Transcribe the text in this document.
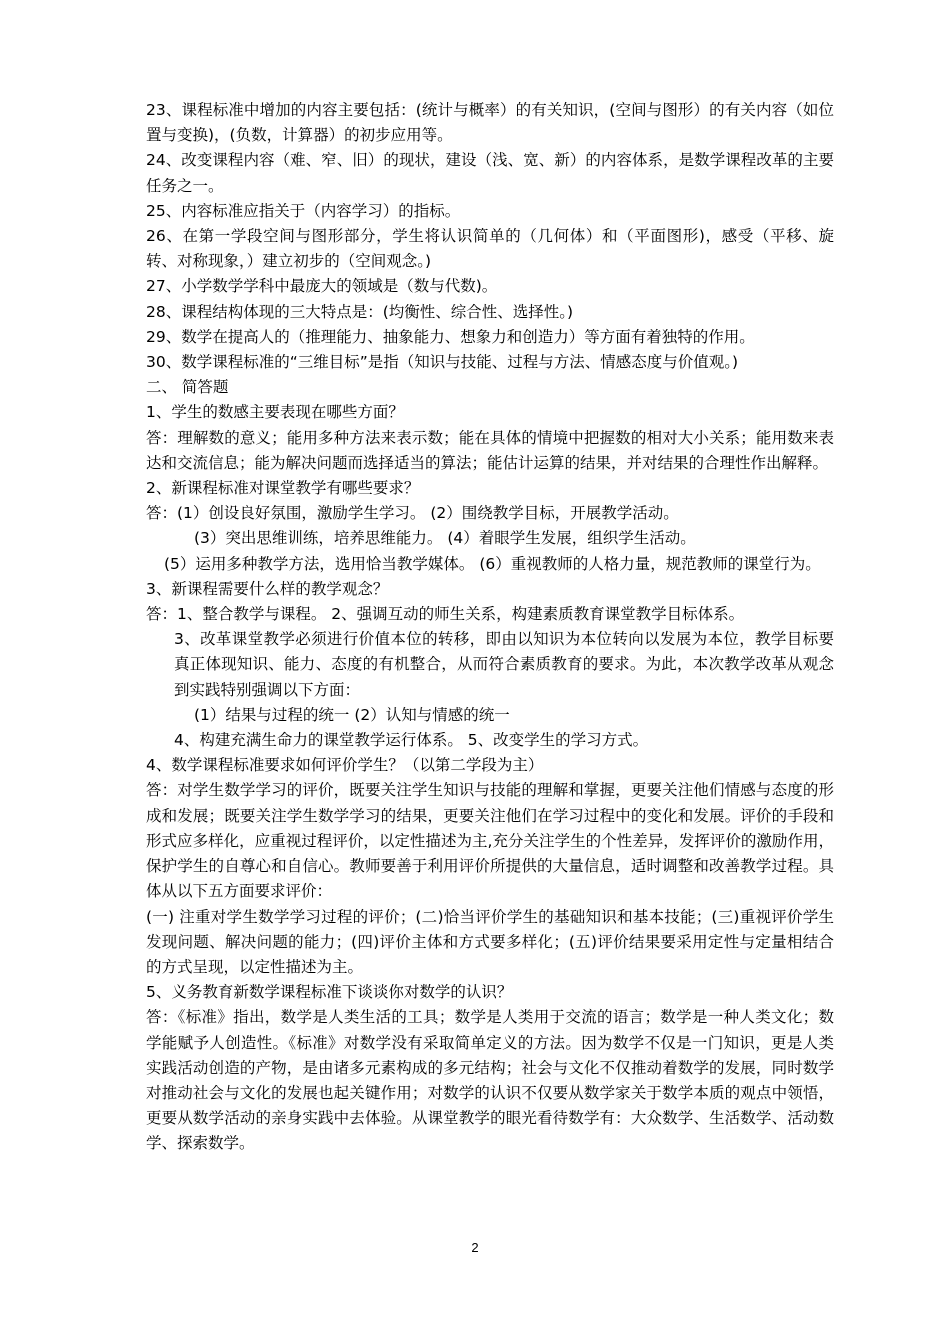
23、课程标准中增加的内容主要包括：(统计与概率）的有关知识，(空间与图形）的有关内容（如位置与变换)，(负数，计算器）的初步应用等。

24、改变课程内容（难、窄、旧）的现状，建设（浅、宽、新）的内容体系，是数学课程改革的主要任务之一。

25、内容标准应指关于（内容学习）的指标。

26、在第一学段空间与图形部分，学生将认识简单的（几何体）和（平面图形)，感受（平移、旋转、对称现象，）建立初步的（空间观念。)

27、小学数学学科中最庞大的领域是（数与代数)。

28、课程结构体现的三大特点是：(均衡性、综合性、选择性。)

29、数学在提高人的（推理能力、抽象能力、想象力和创造力）等方面有着独特的作用。

30、数学课程标准的“三维目标”是指（知识与技能、过程与方法、情感态度与价值观。)

二、 简答题

1、学生的数感主要表现在哪些方面？

答：理解数的意义；能用多种方法来表示数；能在具体的情境中把握数的相对大小关系；能用数来表达和交流信息；能为解决问题而选择适当的算法；能估计运算的结果，并对结果的合理性作出解释。

2、新课程标准对课堂教学有哪些要求？

答：(1）创设良好氛围，激励学生学习。 (2）围绕教学目标，开展教学活动。

(3）突出思维训练，培养思维能力。 (4）着眼学生发展，组织学生活动。

(5）运用多种教学方法，选用恰当教学媒体。 (6）重视教师的人格力量，规范教师的课堂行为。

3、新课程需要什么样的教学观念？

答：1、整合教学与课程。 2、强调互动的师生关系，构建素质教育课堂教学目标体系。

3、改革课堂教学必须进行价值本位的转移，即由以知识为本位转向以发展为本位，教学目标要真正体现知识、能力、态度的有机整合，从而符合素质教育的要求。为此，本次教学改革从观念到实践特别强调以下方面：

(1）结果与过程的统一 (2）认知与情感的统一

4、构建充满生命力的课堂教学运行体系。 5、改变学生的学习方式。

4、数学课程标准要求如何评价学生？（以第二学段为主）

答：对学生数学学习的评价，既要关注学生知识与技能的理解和掌握，更要关注他们情感与态度的形成和发展；既要关注学生数学学习的结果，更要关注他们在学习过程中的变化和发展。评价的手段和形式应多样化，应重视过程评价，以定性描述为主,充分关注学生的个性差异，发挥评价的激励作用，保护学生的自尊心和自信心。教师要善于利用评价所提供的大量信息，适时调整和改善教学过程。具体从以下五方面要求评价：

(一) 注重对学生数学学习过程的评价；(二)恰当评价学生的基础知识和基本技能；(三)重视评价学生发现问题、解决问题的能力；(四)评价主体和方式要多样化；(五)评价结果要采用定性与定量相结合的方式呈现，以定性描述为主。

5、义务教育新数学课程标准下谈谈你对数学的认识？

答：《标准》指出，数学是人类生活的工具；数学是人类用于交流的语言；数学是一种人类文化；数学能赋予人创造性。《标准》对数学没有采取简单定义的方法。因为数学不仅是一门知识，更是人类实践活动创造的产物，是由诸多元素构成的多元结构；社会与文化不仅推动着数学的发展，同时数学对推动社会与文化的发展也起关键作用；对数学的认识不仅要从数学家关于数学本质的观点中领悟，更要从数学活动的亲身实践中去体验。从课堂教学的眼光看待数学有：大众数学、生活数学、活动数学、探索数学。

2
